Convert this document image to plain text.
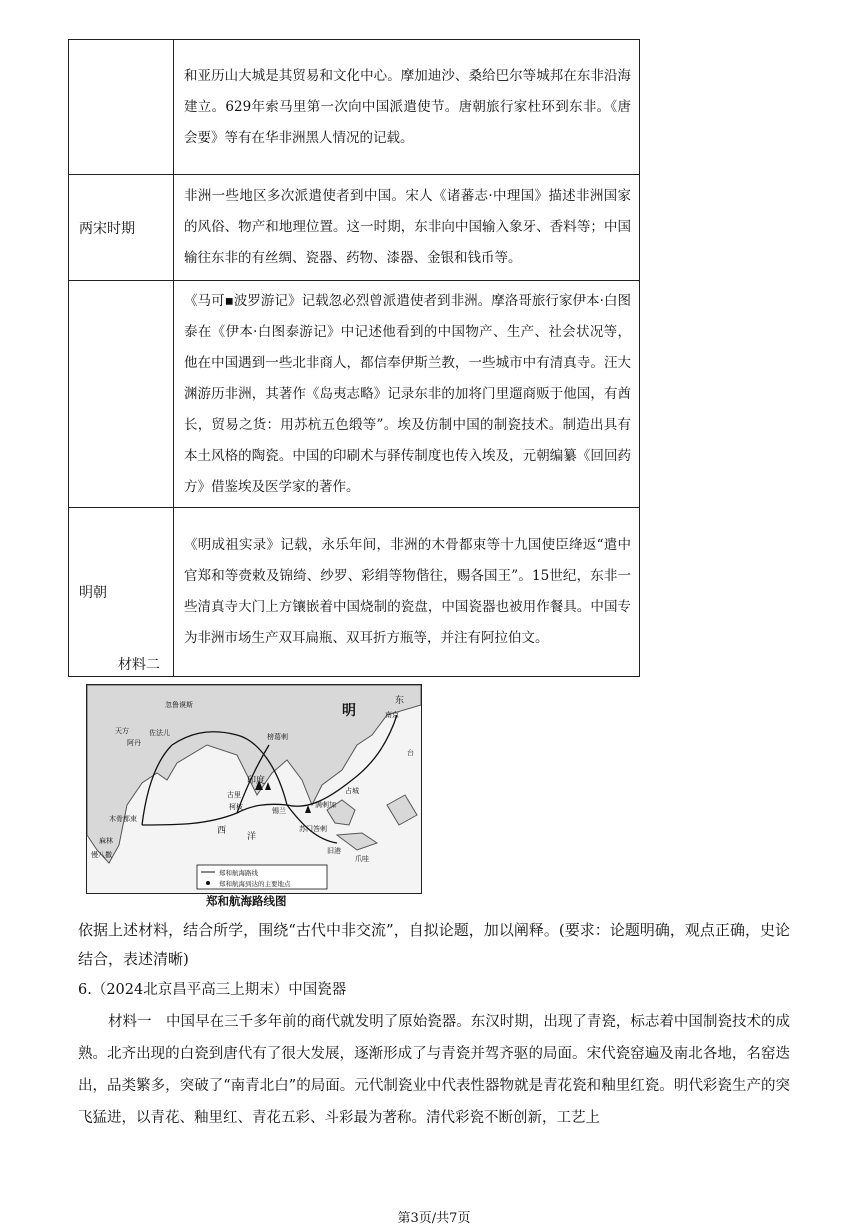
	和亚历山大城是其贸易和文化中心。摩加迪沙、桑给巴尔等城邦在东非沿海建立。629年索马里第一次向中国派遣使节。唐朝旅行家杜环到东非。《唐会要》等有在华非洲黑人情况的记载。
两宋时期	非洲一些地区多次派遣使者到中国。宋人《诸蕃志·中理国》描述非洲国家的风俗、物产和地理位置。这一时期，东非向中国输入象牙、香料等；中国输往东非的有丝绸、瓷器、药物、漆器、金银和钱币等。
	《马可▪波罗游记》记载忽必烈曾派遣使者到非洲。摩洛哥旅行家伊本·白图泰在《伊本·白图泰游记》中记述他看到的中国物产、生产、社会状况等，他在中国遇到一些北非商人，都信奉伊斯兰教，一些城市中有清真寺。汪大渊游历非洲，其著作《岛夷志略》记录东非的加将门里遛商贩于他国，有酋长，贸易之货：用苏杭五色缎等”。埃及仿制中国的制瓷技术。制造出具有本土风格的陶瓷。中国的印刷术与驿传制度也传入埃及，元朝编纂《回回药方》借鉴埃及医学家的著作。
明朝	《明成祖实录》记载，永乐年间，非洲的木骨都束等十九国使臣绛返“遣中官郑和等赍敕及锦绮、纱罗、彩绢等物偕往，赐各国王”。15世纪，东非一些清真寺大门上方镶嵌着中国烧制的瓷盘，中国瓷器也被用作餐具。中国专为非洲市场生产双耳扁瓶、双耳折方瓶等，并注有阿拉伯文。
材料二
明
东
南京
印度
西
洋
古里
柯枝	锡兰
木骨都束
麻林
慢八撒
天方	佐法儿
阿丹
忽鲁谟斯
榜葛剌
占城
满剌加
苏门答剌
旧港
爪哇
台
郑和航海路线
郑和航海到达的主要地点
郑和航海路线图
依据上述材料，结合所学，围绕“古代中非交流”，自拟论题，加以阐释。(要求：论题明确，观点正确，史论结合，表述清晰)
6.（2024北京昌平高三上期末）中国瓷器
材料一　中国早在三千多年前的商代就发明了原始瓷器。东汉时期，出现了青瓷，标志着中国制瓷技术的成熟。北齐出现的白瓷到唐代有了很大发展，逐渐形成了与青瓷并驾齐驱的局面。宋代瓷窑遍及南北各地，名窑迭出，品类繁多，突破了“南青北白”的局面。元代制瓷业中代表性器物就是青花瓷和釉里红瓷。明代彩瓷生产的突飞猛进，以青花、釉里红、青花五彩、斗彩最为著称。清代彩瓷不断创新，工艺上
第3页/共7页
